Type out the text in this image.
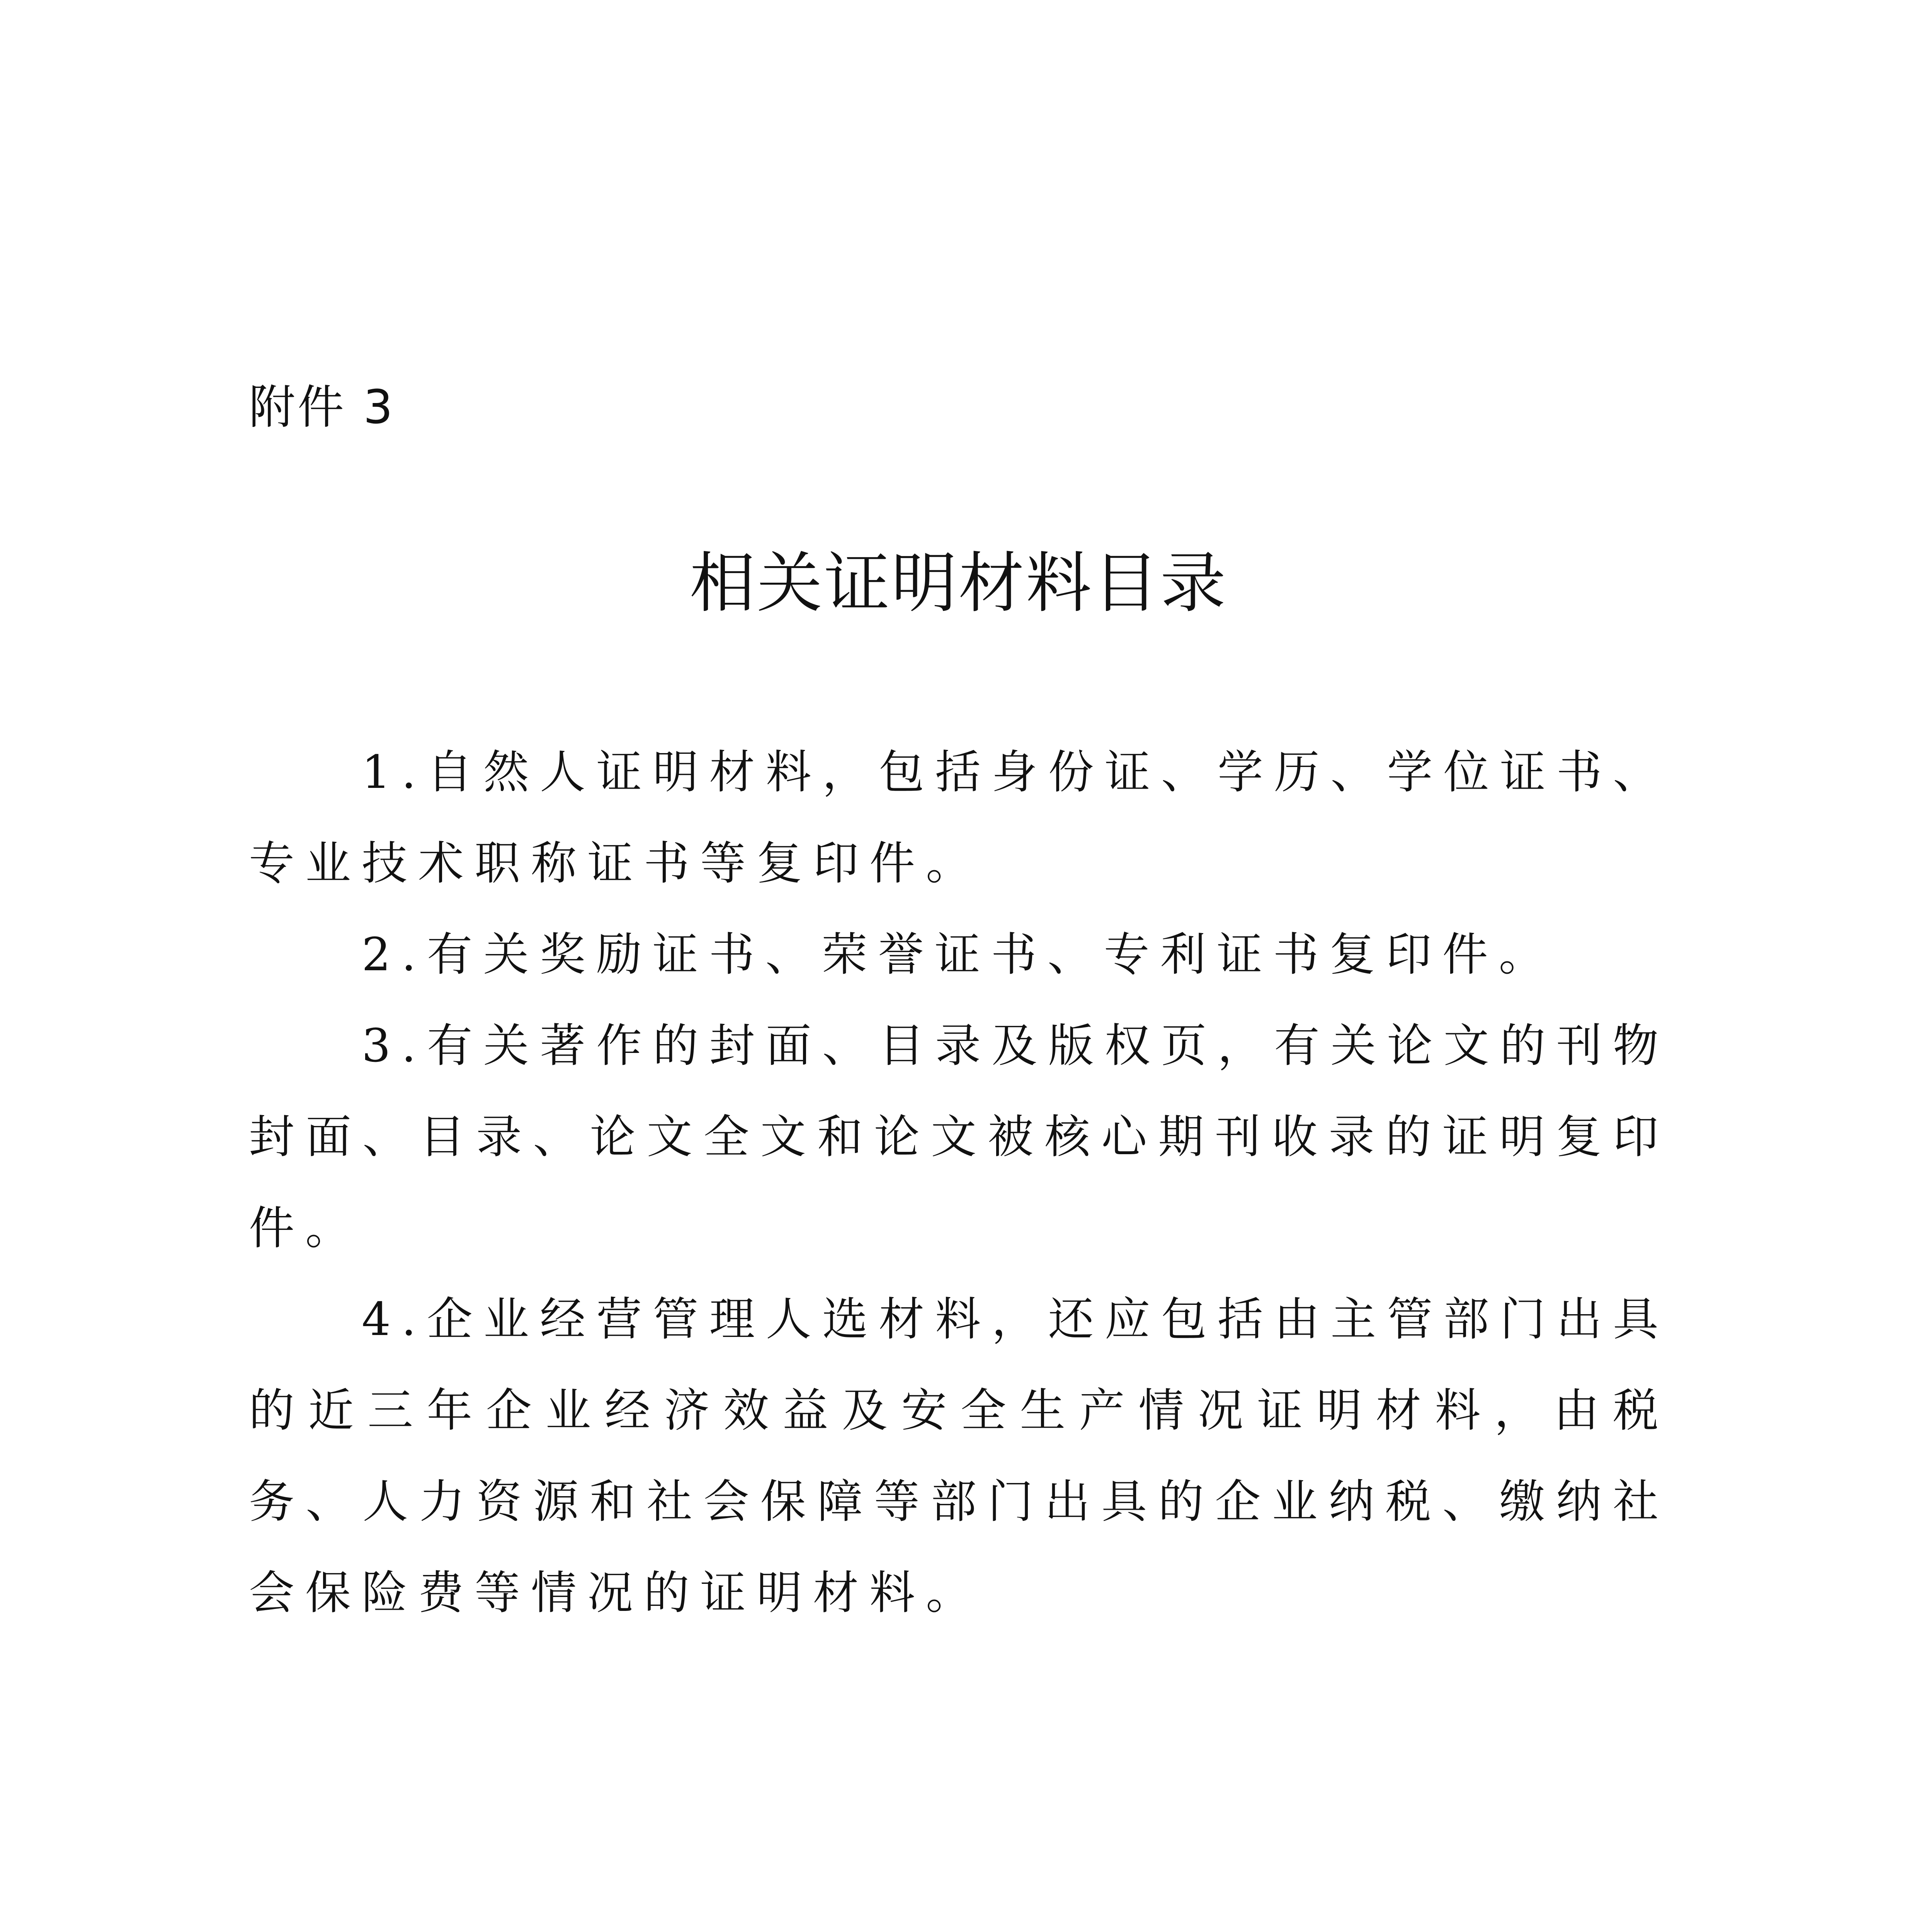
附件 3
相关证明材料目录

1.自然人证明材料，包括身份证、学历、学位证书、专业技术职称证书等复印件。

2.有关奖励证书、荣誉证书、专利证书复印件。

3.有关著作的封面、目录及版权页，有关论文的刊物封面、目录、论文全文和论文被核心期刊收录的证明复印件。

4.企业经营管理人选材料，还应包括由主管部门出具的近三年企业经济效益及安全生产情况证明材料，由税务、人力资源和社会保障等部门出具的企业纳税、缴纳社会保险费等情况的证明材料。
